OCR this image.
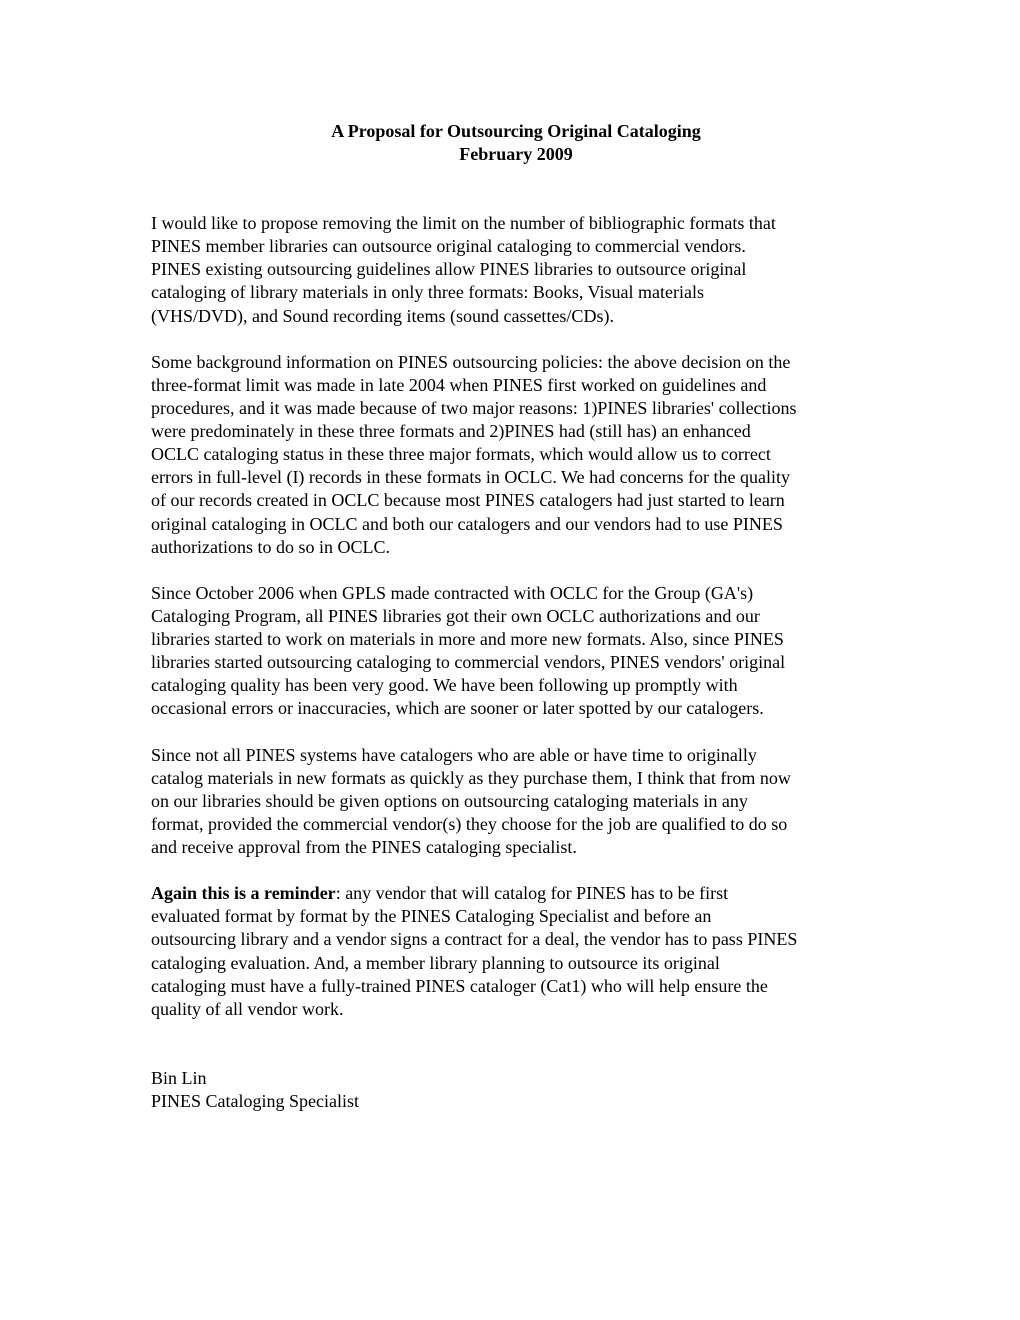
A Proposal for Outsourcing Original Cataloging
February 2009

I would like to propose removing the limit on the number of bibliographic formats that
PINES member libraries can outsource original cataloging to commercial vendors.
PINES existing outsourcing guidelines allow PINES libraries to outsource original
cataloging of library materials in only three formats: Books, Visual materials
(VHS/DVD), and Sound recording items (sound cassettes/CDs).

Some background information on PINES outsourcing policies: the above decision on the
three-format limit was made in late 2004 when PINES first worked on guidelines and
procedures, and it was made because of two major reasons: 1)PINES libraries' collections
were predominately in these three formats and 2)PINES had (still has) an enhanced
OCLC cataloging status in these three major formats, which would allow us to correct
errors in full-level (I) records in these formats in OCLC. We had concerns for the quality
of our records created in OCLC because most PINES catalogers had just started to learn
original cataloging in OCLC and both our catalogers and our vendors had to use PINES
authorizations to do so in OCLC.

Since October 2006 when GPLS made contracted with OCLC for the Group (GA's)
Cataloging Program, all PINES libraries got their own OCLC authorizations and our
libraries started to work on materials in more and more new formats. Also, since PINES
libraries started outsourcing cataloging to commercial vendors, PINES vendors' original
cataloging quality has been very good. We have been following up promptly with
occasional errors or inaccuracies, which are sooner or later spotted by our catalogers.

Since not all PINES systems have catalogers who are able or have time to originally
catalog materials in new formats as quickly as they purchase them, I think that from now
on our libraries should be given options on outsourcing cataloging materials in any
format, provided the commercial vendor(s) they choose for the job are qualified to do so
and receive approval from the PINES cataloging specialist.

Again this is a reminder: any vendor that will catalog for PINES has to be first
evaluated format by format by the PINES Cataloging Specialist and before an
outsourcing library and a vendor signs a contract for a deal, the vendor has to pass PINES
cataloging evaluation. And, a member library planning to outsource its original
cataloging must have a fully-trained PINES cataloger (Cat1) who will help ensure the
quality of all vendor work.

Bin Lin
PINES Cataloging Specialist
